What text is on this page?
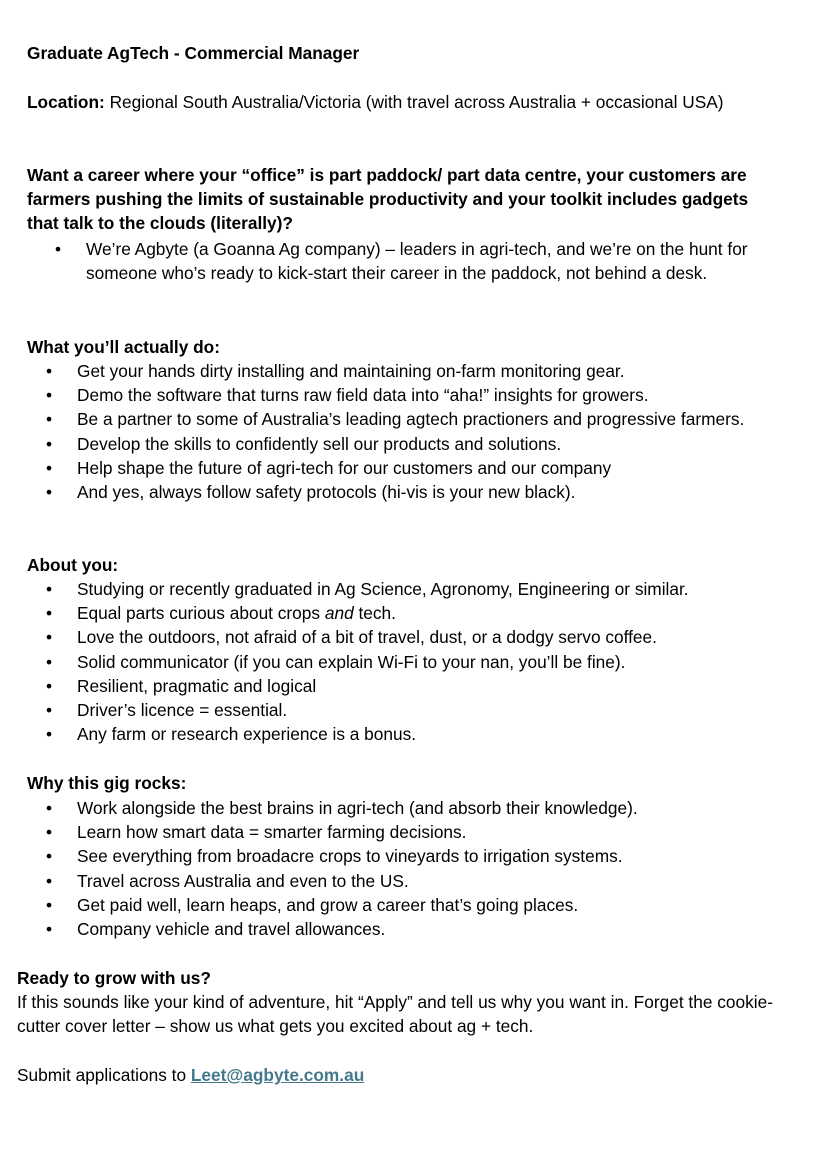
Graduate AgTech - Commercial Manager

Location: Regional South Australia/Victoria (with travel across Australia + occasional USA)

Want a career where your “office” is part paddock/ part data centre, your customers are farmers pushing the limits of sustainable productivity and your toolkit includes gadgets that talk to the clouds (literally)?

• We’re Agbyte (a Goanna Ag company) – leaders in agri-tech, and we’re on the hunt for someone who’s ready to kick-start their career in the paddock, not behind a desk.

What you’ll actually do:

• Get your hands dirty installing and maintaining on-farm monitoring gear.
• Demo the software that turns raw field data into “aha!” insights for growers.
• Be a partner to some of Australia’s leading agtech practioners and progressive farmers.
• Develop the skills to confidently sell our products and solutions.
• Help shape the future of agri-tech for our customers and our company
• And yes, always follow safety protocols (hi-vis is your new black).

About you:

• Studying or recently graduated in Ag Science, Agronomy, Engineering or similar.
• Equal parts curious about crops and tech.
• Love the outdoors, not afraid of a bit of travel, dust, or a dodgy servo coffee.
• Solid communicator (if you can explain Wi-Fi to your nan, you’ll be fine).
• Resilient, pragmatic and logical
• Driver’s licence = essential.
• Any farm or research experience is a bonus.

Why this gig rocks:

• Work alongside the best brains in agri-tech (and absorb their knowledge).
• Learn how smart data = smarter farming decisions.
• See everything from broadacre crops to vineyards to irrigation systems.
• Travel across Australia and even to the US.
• Get paid well, learn heaps, and grow a career that’s going places.
• Company vehicle and travel allowances.

Ready to grow with us?

If this sounds like your kind of adventure, hit “Apply” and tell us why you want in. Forget the cookie-cutter cover letter – show us what gets you excited about ag + tech.

Submit applications to Leet@agbyte.com.au
